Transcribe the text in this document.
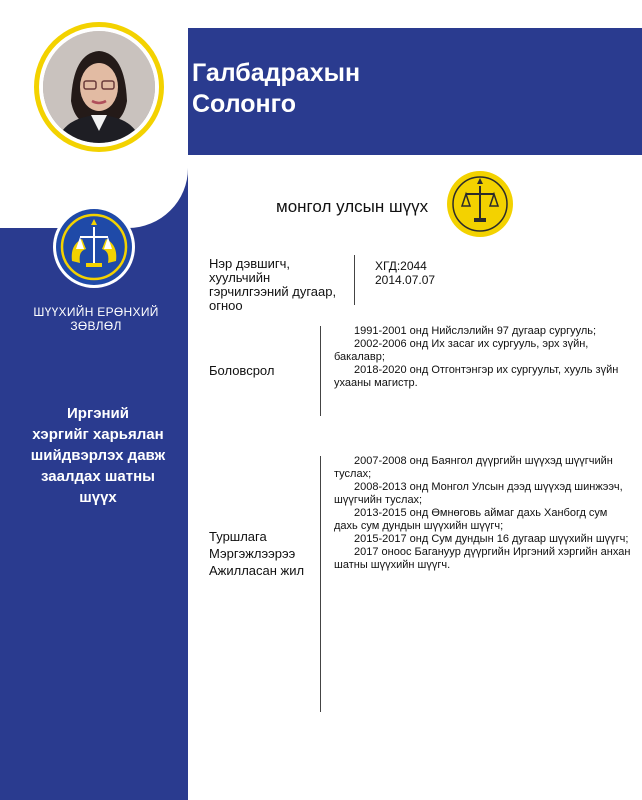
Галбадрахын
Солонго
ШҮҮХИЙН ЕРӨНХИЙ ЗӨВЛӨЛ
Иргэний
хэргийг харьялан
шийдвэрлэх давж
заалдах шатны
шүүх
монгол улсын шүүх
Нэр дэвшигч,
хуульчийн
гэрчилгээний дугаар,
огноо
ХГД:2044
2014.07.07
Боловсрол

1991-2001 онд Нийслэлийн 97 дугаар сургууль;

2002-2006 онд Их засаг их сургууль, эрх зүйн, бакалавр;

2018-2020 онд Отгонтэнгэр их сургуульт, хууль зүйн ухааны магистр.

Туршлага
Мэргэжлээрээ
Ажилласан жил

2007-2008 онд Баянгол дүүргийн шүүхэд шүүгчийн туслах;

2008-2013 онд Монгол Улсын дээд шүүхэд шинжээч, шүүгчийн туслах;

2013-2015 онд Өмнөговь аймаг дахь Ханбогд сум дахь сум дундын шүүхийн шүүгч;

2015-2017 онд Сум дундын 16 дугаар шүүхийн шүүгч;

2017 оноос Баганууp дүүргийн Иргэний хэргийн анхан шатны шүүхийн шүүгч.
